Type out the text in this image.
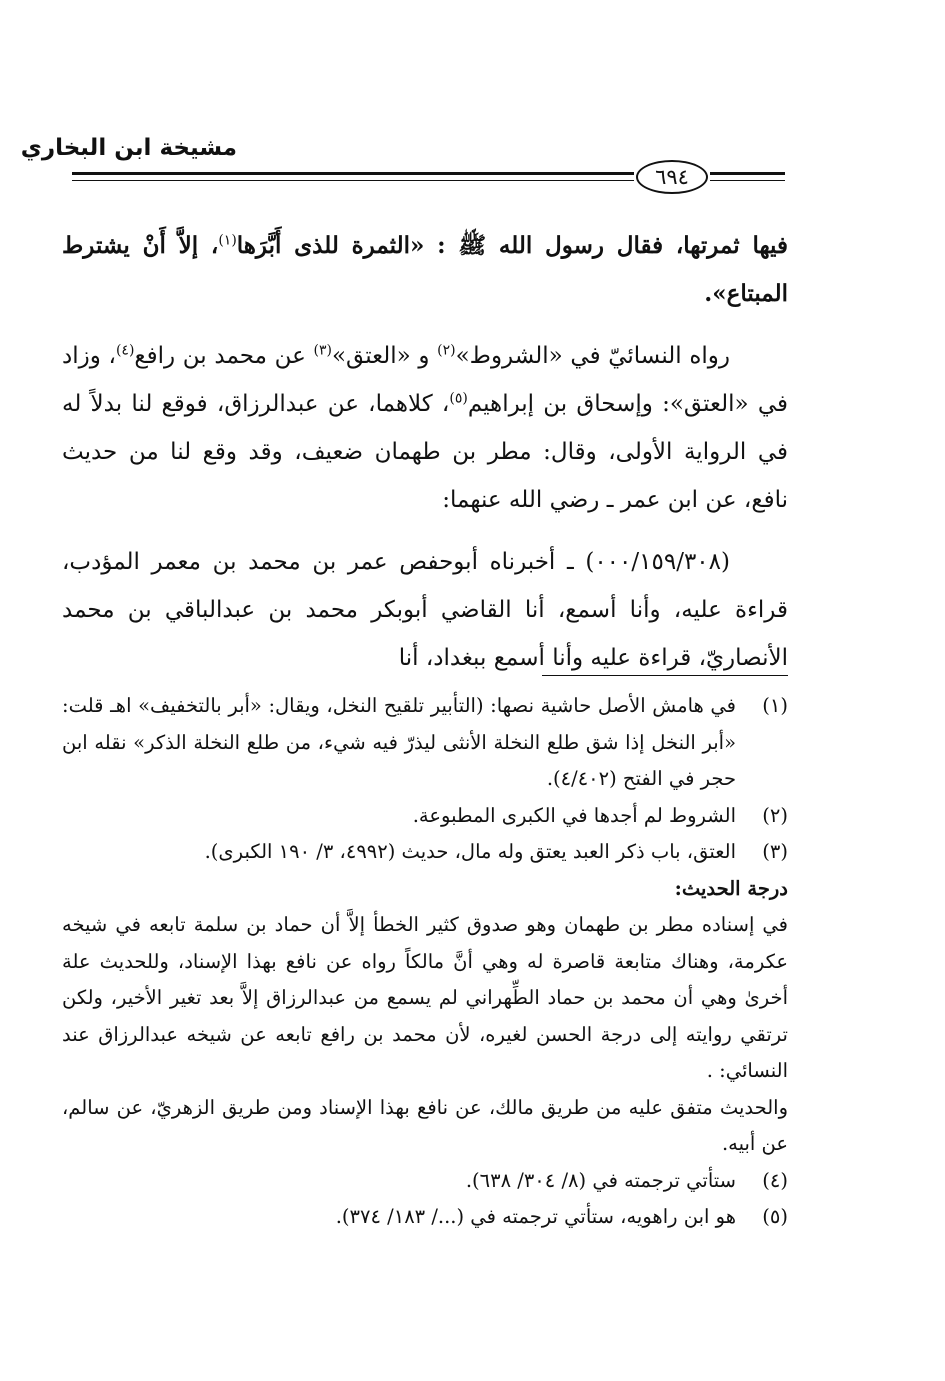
مشيخة ابن البخاري
٦٩٤

فيها ثمرتها، فقال رسول الله ﷺ : «الثمرة للذى أَبَّرَها$^{(١)}$، إلاَّ أَنْ يشترط المبتاع».

رواه النسائيّ في «الشروط»$^{(٢)}$ و «العتق»$^{(٣)}$ عن محمد بن رافع$^{(٤)}$، وزاد في «العتق»: وإسحاق بن إبراهيم$^{(٥)}$، كلاهما، عن عبدالرزاق، فوقع لنا بدلاً له في الرواية الأولى، وقال: مطر بن طهمان ضعيف، وقد وقع لنا من حديث نافع، عن ابن عمر ـ رضي الله عنهما:

(٠٠٠/١٥٩/٣٠٨) ـ أخبرناه أبوحفص عمر بن محمد بن معمر المؤدب، قراءة عليه، وأنا أسمع، أنا القاضي أبوبكر محمد بن عبدالباقي بن محمد الأنصاريّ، قراءة عليه وأنا أسمع ببغداد، أنا

(١)
في هامش الأصل حاشية نصها: (التأبير تلقيح النخل، ويقال: «أبر بالتخفيف» اهـ قلت: «أبر النخل إذا شق طلع النخلة الأنثى ليذرّ فيه شيء، من طلع النخلة الذكر» نقله ابن حجر في الفتح (٤/٤٠٢).
(٢)
الشروط لم أجدها في الكبرى المطبوعة.
(٣)
العتق، باب ذكر العبد يعتق وله مال، حديث (٤٩٩٢، ٣/ ١٩٠ الكبرى).
درجة الحديث:
في إسناده مطر بن طهمان وهو صدوق كثير الخطأ إلاَّ أن حماد بن سلمة تابعه في شيخه عكرمة، وهناك متابعة قاصرة له وهي أنَّ مالكاً رواه عن نافع بهذا الإسناد، وللحديث علة أخرىٰ وهي أن محمد بن حماد الطِّهراني لم يسمع من عبدالرزاق إلاَّ بعد تغير الأخير، ولكن ترتقي روايته إلى درجة الحسن لغيره، لأن محمد بن رافع تابعه عن شيخه عبدالرزاق عند النسائي: .
والحديث متفق عليه من طريق مالك، عن نافع بهذا الإسناد ومن طريق الزهريّ، عن سالم، عن أبيه.
(٤)
ستأتي ترجمته في (٨/ ٣٠٤/ ٦٣٨).
(٥)
هو ابن راهويه، ستأتي ترجمته في (.../ ١٨٣/ ٣٧٤).
